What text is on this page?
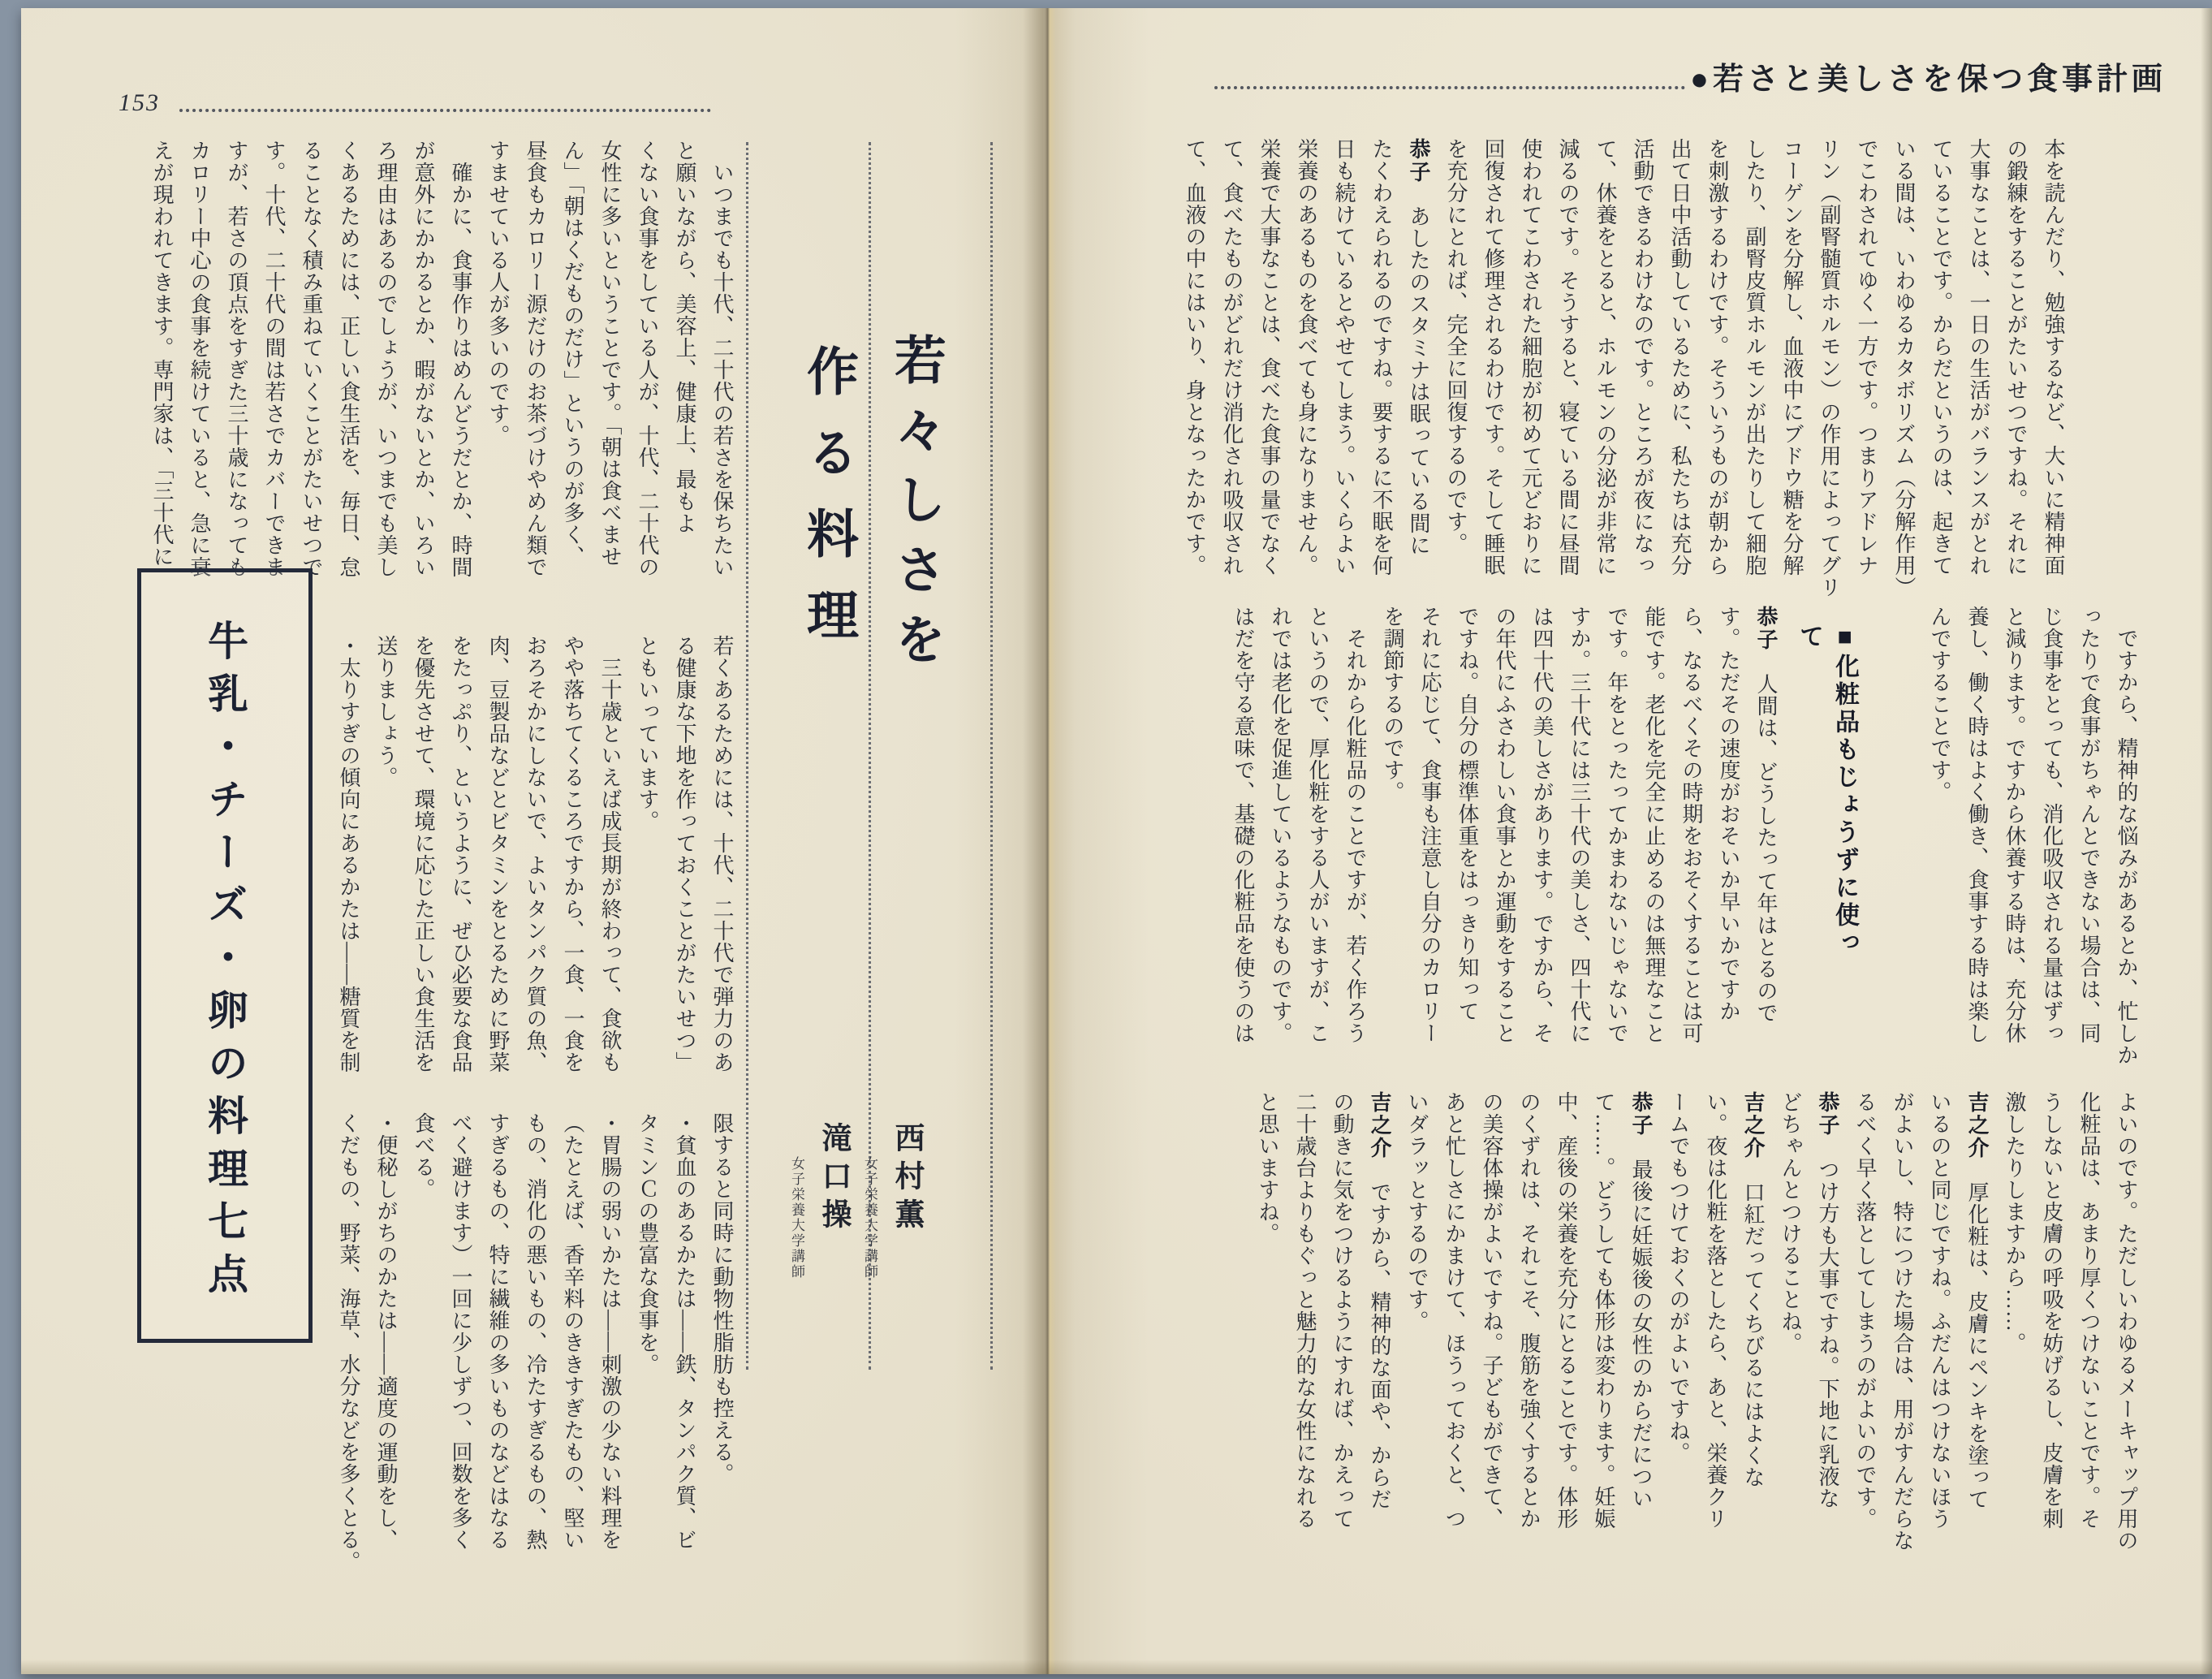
●若さと美しさを保つ食事計画
本を読んだり、勉強するなど、大いに精神面
の鍛練をすることがたいせつですね。それに
大事なことは、一日の生活がバランスがとれ
ていることです。からだというのは、起きて
いる間は、いわゆるカタボリズム（分解作用）
でこわされてゆく一方です。つまりアドレナ
リン（副腎髄質ホルモン）の作用によってグリ
コーゲンを分解し、血液中にブドウ糖を分解
したり、副腎皮質ホルモンが出たりして細胞
を刺激するわけです。そういうものが朝から
出て日中活動しているために、私たちは充分
活動できるわけなのです。ところが夜になっ
て、休養をとると、ホルモンの分泌が非常に
減るのです。そうすると、寝ている間に昼間
使われてこわされた細胞が初めて元どおりに
回復されて修理されるわけです。そして睡眠
を充分にとれば、完全に回復するのです。
恭子　あしたのスタミナは眠っている間に
たくわえられるのですね。要するに不眠を何
日も続けているとやせてしまう。いくらよい
栄養のあるものを食べても身になりません。
栄養で大事なことは、食べた食事の量でなく
て、食べたものがどれだけ消化され吸収され
て、血液の中にはいり、身となったかです。
　ですから、精神的な悩みがあるとか、忙しか
ったりで食事がちゃんとできない場合は、同
じ食事をとっても、消化吸収される量はずっ
と減ります。ですから休養する時は、充分休
養し、働く時はよく働き、食事する時は楽し
んですることです。
■化粧品もじょうずに使って
恭子　人間は、どうしたって年はとるので
す。ただその速度がおそいか早いかですか
ら、なるべくその時期をおそくすることは可
能です。老化を完全に止めるのは無理なこと
です。年をとったってかまわないじゃないで
すか。三十代には三十代の美しさ、四十代に
は四十代の美しさがあります。ですから、そ
の年代にふさわしい食事とか運動をすること
ですね。自分の標準体重をはっきり知って
それに応じて、食事も注意し自分のカロリー
を調節するのです。
　それから化粧品のことですが、若く作ろう
というので、厚化粧をする人がいますが、こ
れでは老化を促進しているようなものです。
はだを守る意味で、基礎の化粧品を使うのは
よいのです。ただしいわゆるメーキャップ用の
化粧品は、あまり厚くつけないことです。そ
うしないと皮膚の呼吸を妨げるし、皮膚を刺
激したりしますから……。
吉之介　厚化粧は、皮膚にペンキを塗って
いるのと同じですね。ふだんはつけないほう
がよいし、特につけた場合は、用がすんだらな
るべく早く落としてしまうのがよいのです。
恭子　つけ方も大事ですね。下地に乳液な
どちゃんとつけることね。
吉之介　口紅だってくちびるにはよくな
い。夜は化粧を落としたら、あと、栄養クリ
ームでもつけておくのがよいですね。
恭子　最後に妊娠後の女性のからだについ
て……。どうしても体形は変わります。妊娠
中、産後の栄養を充分にとることです。体形
のくずれは、それこそ、腹筋を強くするとか
の美容体操がよいですね。子どもができて、
あと忙しさにかまけて、ほうっておくと、つ
いダラッとするのです。
吉之介　ですから、精神的な面や、からだ
の動きに気をつけるようにすれば、かえって
二十歳台よりもぐっと魅力的な女性になれる
と思いますね。
153
若々しさを
作る料理
西村薫
女子栄養大学講師
滝口操
女子栄養大学講師
　いつまでも十代、二十代の若さを保ちたい
と願いながら、美容上、健康上、最もよ
くない食事をしている人が、十代、二十代の
女性に多いということです。「朝は食べませ
ん」「朝はくだものだけ」というのが多く、
昼食もカロリー源だけのお茶づけやめん類で
すませている人が多いのです。
　確かに、食事作りはめんどうだとか、時間
が意外にかかるとか、暇がないとか、いろい
ろ理由はあるのでしょうが、いつまでも美し
くあるためには、正しい食生活を、毎日、怠
ることなく積み重ねていくことがたいせつで
す。十代、二十代の間は若さでカバーできま
すが、若さの頂点をすぎた三十歳になっても
カロリー中心の食事を続けていると、急に衰
えが現われてきます。専門家は、「三十代に
若くあるためには、十代、二十代で弾力のあ
る健康な下地を作っておくことがたいせつ」
ともいっています。
　三十歳といえば成長期が終わって、食欲も
やや落ちてくるころですから、一食、一食を
おろそかにしないで、よいタンパク質の魚、
肉、豆製品などとビタミンをとるために野菜
をたっぷり、というように、ぜひ必要な食品
を優先させて、環境に応じた正しい食生活を
送りましょう。
・太りすぎの傾向にあるかたは――糖質を制
限すると同時に動物性脂肪も控える。
・貧血のあるかたは――鉄、タンパク質、ビ
タミンＣの豊富な食事を。
・胃腸の弱いかたは――刺激の少ない料理を
（たとえば、香辛料のききすぎたもの、堅い
もの、消化の悪いもの、冷たすぎるもの、熱
すぎるもの、特に繊維の多いものなどはなる
べく避けます）一回に少しずつ、回数を多く
食べる。
・便秘しがちのかたは――適度の運動をし、
くだもの、野菜、海草、水分などを多くとる。
牛乳・チーズ・卵の料理七点
